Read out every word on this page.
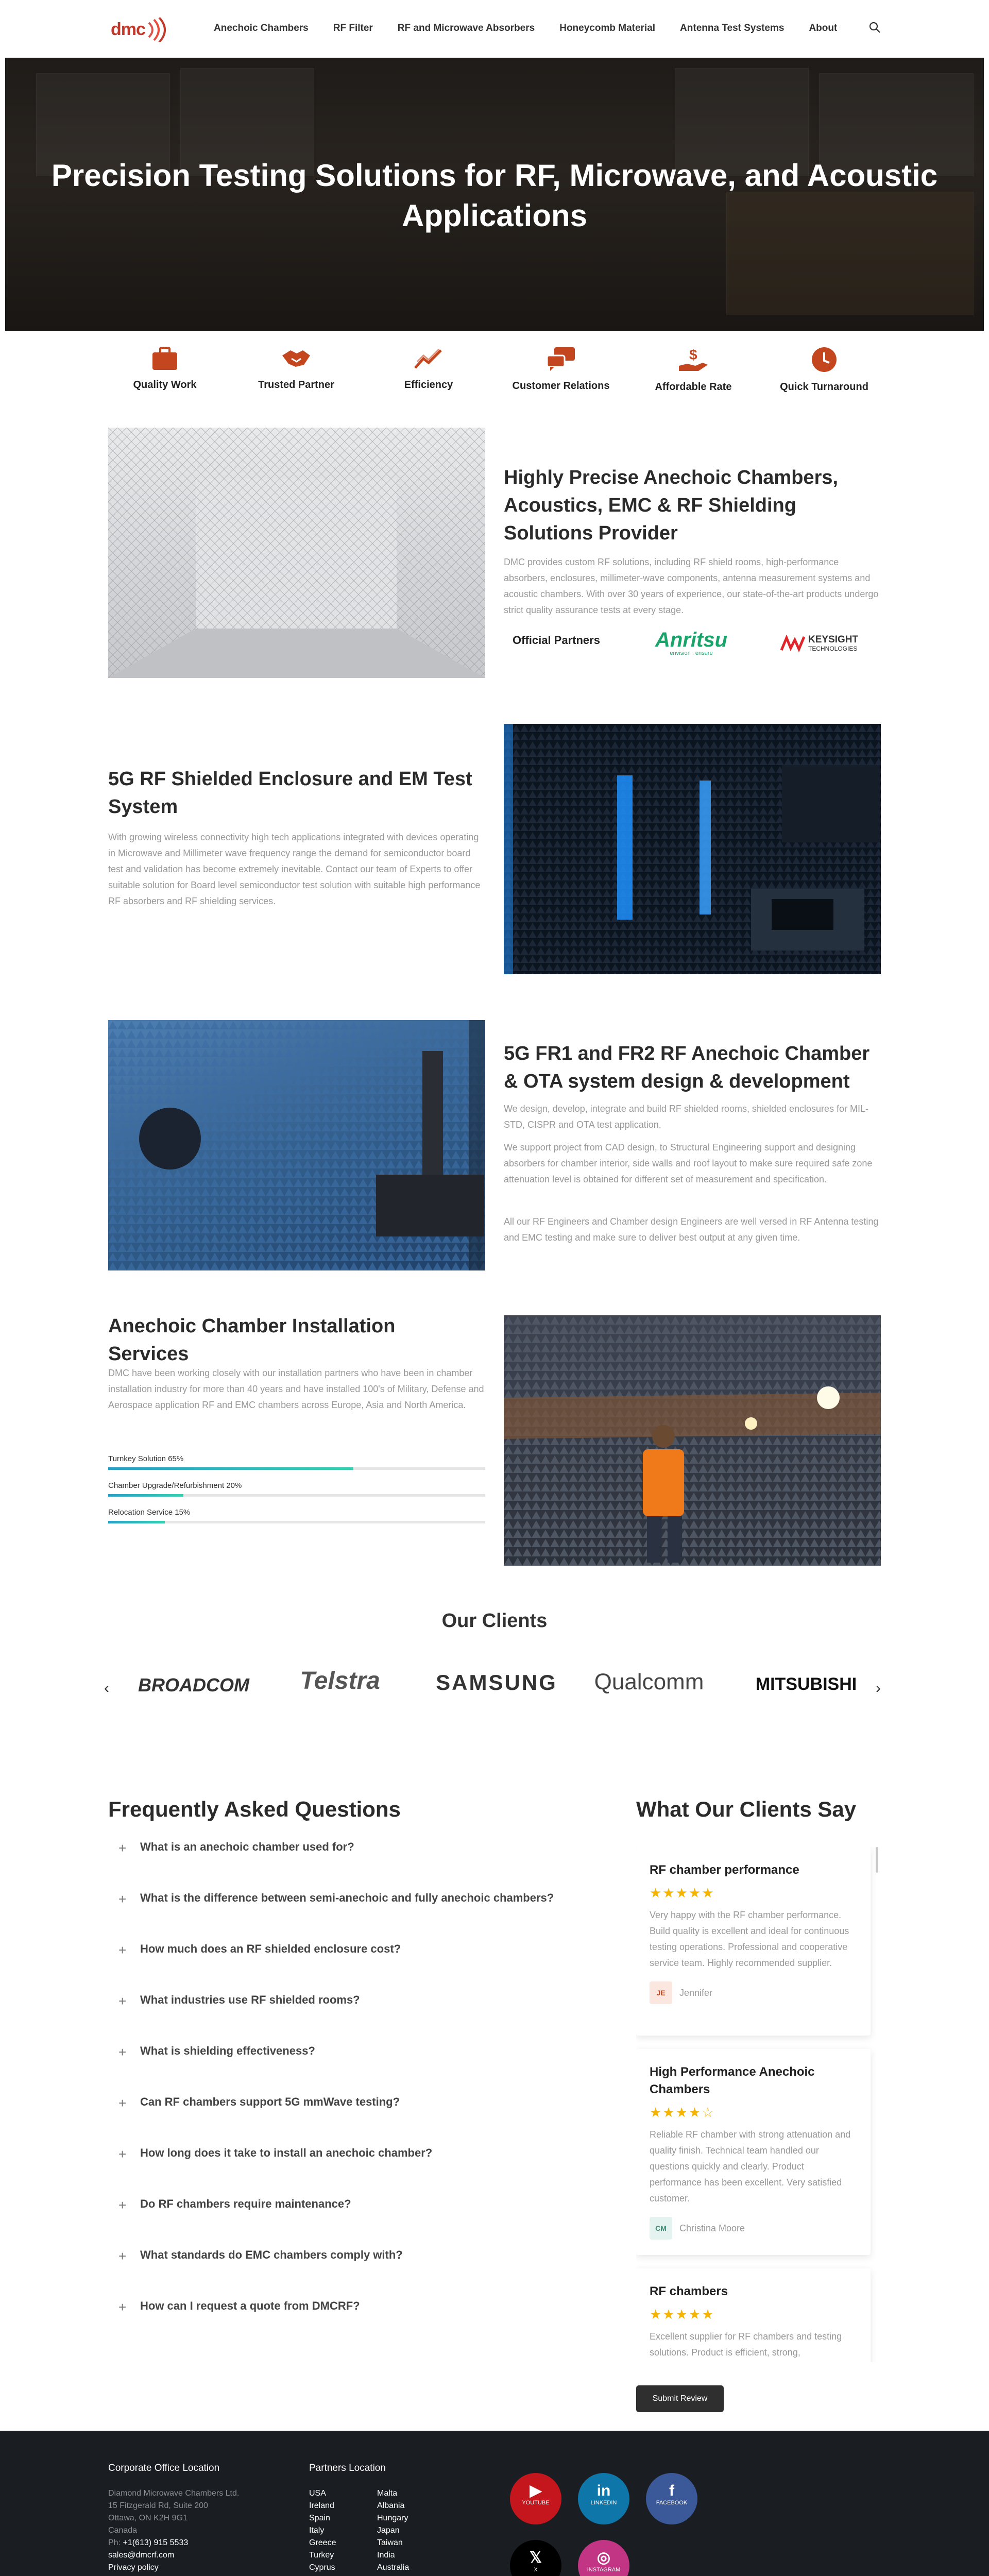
dmc	Anechoic Chambers	RF Filter	RF and Microwave Absorbers	Honeycomb Material	Antenna Test Systems	About
Precision Testing Solutions for RF, Microwave, and Acoustic Applications
Quality Work	Trusted Partner	Efficiency	Customer Relations
$
Affordable Rate	Quick Turnaround
Highly Precise Anechoic Chambers, Acoustics, EMC & RF Shielding Solutions Provider

DMC provides custom RF solutions, including RF shield rooms, high-performance absorbers, enclosures, millimeter-wave components, antenna measurement systems and acoustic chambers. With over 30 years of experience, our state-of-the-art products undergo strict quality assurance tests at every stage.

Official Partners	Anritsu
envision : ensure
KEYSIGHT
TECHNOLOGIES
5G RF Shielded Enclosure and EM Test System

With growing wireless connectivity high tech applications integrated with devices operating in Microwave and Millimeter wave frequency range the demand for semiconductor board test and validation has become extremely inevitable. Contact our team of Experts to offer suitable solution for Board level semiconductor test solution with suitable high performance RF absorbers and RF shielding services.

5G FR1 and FR2 RF Anechoic Chamber & OTA system design & development

We design, develop, integrate and build RF shielded rooms, shielded enclosures for MIL-STD, CISPR and OTA test application.

We support project from CAD design, to Structural Engineering support and designing absorbers for chamber interior, side walls and roof layout to make sure required safe zone attenuation level is obtained for different set of measurement and specification.

All our RF Engineers and Chamber design Engineers are well versed in RF Antenna testing and EMC testing and make sure to deliver best output at any given time.

Anechoic Chamber Installation Services

DMC have been working closely with our installation partners who have been in chamber installation industry for more than 40 years and have installed 100's of Military, Defense and Aerospace application RF and EMC chambers across Europe, Asia and North America.

Turnkey Solution 65%
Chamber Upgrade/Refurbishment 20%
Relocation Service 15%
Our Clients
‹	›
BROADCOM	Telstra	SAMSUNG	Qualcomm	MITSUBISHI
Frequently Asked Questions
+	What is an anechoic chamber used for?
+	What is the difference between semi-anechoic and fully anechoic chambers?
+	How much does an RF shielded enclosure cost?
+	What industries use RF shielded rooms?
+	What is shielding effectiveness?
+	Can RF chambers support 5G mmWave testing?
+	How long does it take to install an anechoic chamber?
+	Do RF chambers require maintenance?
+	What standards do EMC chambers comply with?
+	How can I request a quote from DMCRF?
What Our Clients Say
RF chamber performance
★★★★★

Very happy with the RF chamber performance. Build quality is excellent and ideal for continuous testing operations. Professional and cooperative service team. Highly recommended supplier.

JE	Jennifer
High Performance Anechoic Chambers
★★★★☆

Reliable RF chamber with strong attenuation and quality finish. Technical team handled our questions quickly and clearly. Product performance has been excellent. Very satisfied customer.

CM	Christina Moore
RF chambers
★★★★★

Excellent supplier for RF chambers and testing solutions. Product is efficient, strong,

Submit Review
Corporate Office Location
Diamond Microwave Chambers Ltd.
15 Fitzgerald Rd, Suite 200
Ottawa, ON K2H 9G1
Canada
Ph: +1(613) 915 5533
sales@dmcrf.com
Privacy policy
Partners Location
USA
Ireland
Spain
Italy
Greece
Turkey
Cyprus
Malta
Albania
Hungary
Japan
Taiwan
India
Australia
▶
YOUTUBE
in
LINKEDIN
f
FACEBOOK
𝕏
X
◎
INSTAGRAM
